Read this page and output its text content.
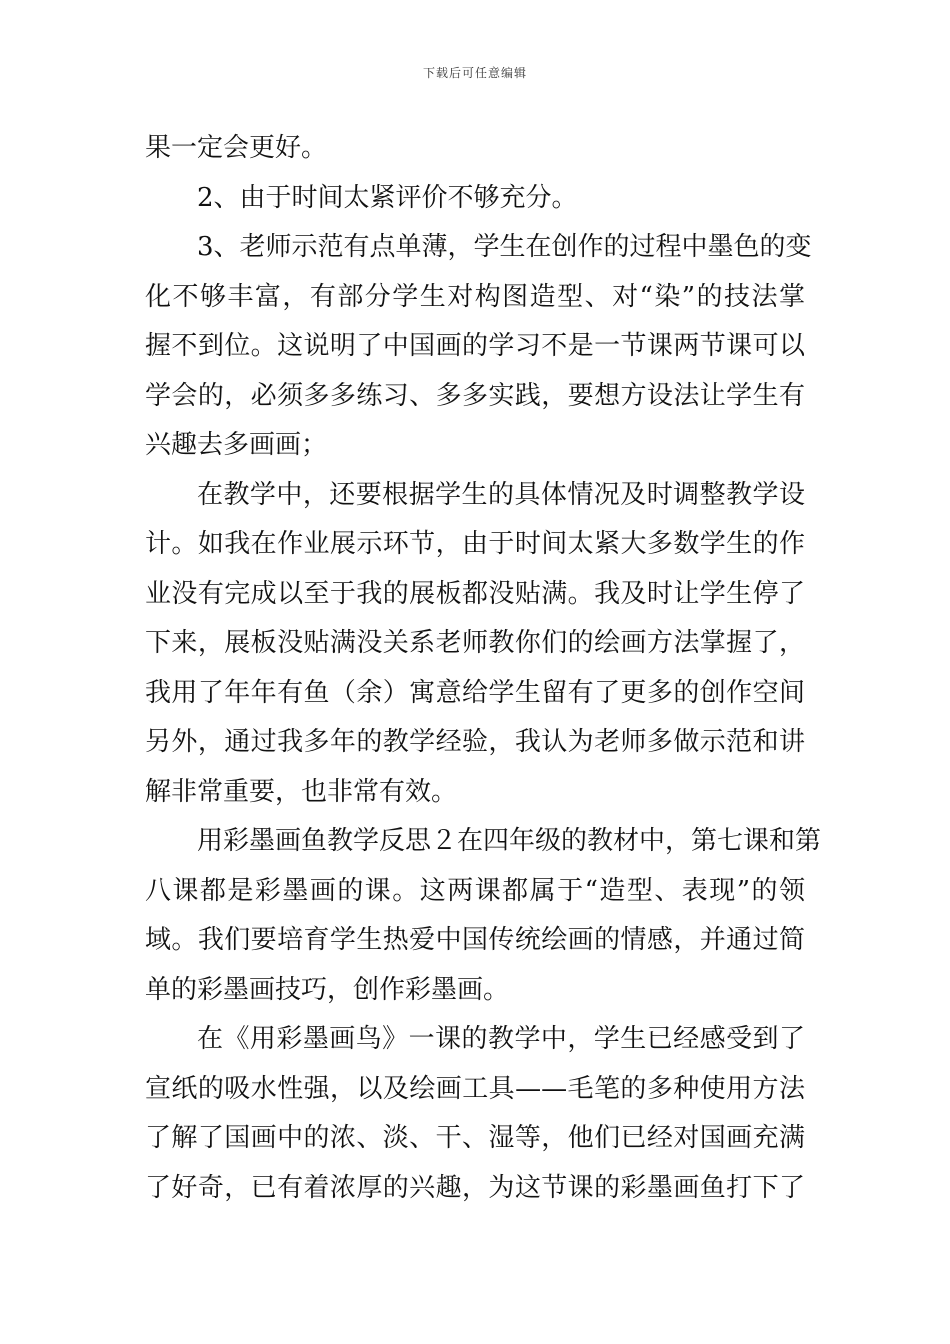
下载后可任意编辑
果一定会更好。
2、由于时间太紧评价不够充分。
3、老师示范有点单薄，学生在创作的过程中墨色的变
化不够丰富，有部分学生对构图造型、对“染”的技法掌
握不到位。这说明了中国画的学习不是一节课两节课可以
学会的，必须多多练习、多多实践，要想方设法让学生有
兴趣去多画画；
在教学中，还要根据学生的具体情况及时调整教学设
计。如我在作业展示环节，由于时间太紧大多数学生的作
业没有完成以至于我的展板都没贴满。我及时让学生停了
下来，展板没贴满没关系老师教你们的绘画方法掌握了，
我用了年年有鱼（余）寓意给学生留有了更多的创作空间
另外，通过我多年的教学经验，我认为老师多做示范和讲
解非常重要，也非常有效。
用彩墨画鱼教学反思２在四年级的教材中，第七课和第
八课都是彩墨画的课。这两课都属于“造型、表现”的领
域。我们要培育学生热爱中国传统绘画的情感，并通过简
单的彩墨画技巧，创作彩墨画。
在《用彩墨画鸟》一课的教学中，学生已经感受到了
宣纸的吸水性强，以及绘画工具——毛笔的多种使用方法
了解了国画中的浓、淡、干、湿等，他们已经对国画充满
了好奇，已有着浓厚的兴趣，为这节课的彩墨画鱼打下了
